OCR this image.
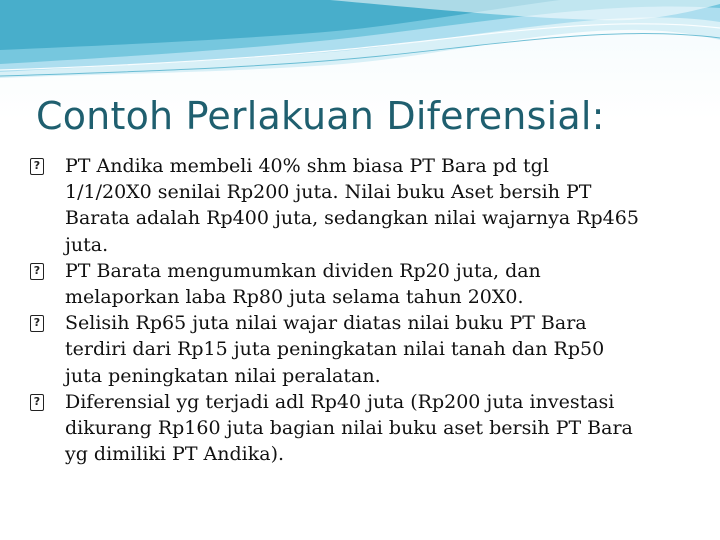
Contoh Perlakuan Diferensial:
?
PT Andika membeli 40% shm biasa PT Bara pd tgl
1/1/20X0 senilai Rp200 juta. Nilai buku Aset bersih PT
Barata adalah Rp400 juta, sedangkan nilai wajarnya Rp465
juta.
?
PT Barata mengumumkan dividen Rp20 juta, dan
melaporkan laba Rp80 juta selama tahun 20X0.
?
Selisih Rp65 juta nilai wajar diatas nilai buku PT Bara
terdiri dari Rp15 juta peningkatan nilai tanah dan Rp50
juta peningkatan nilai peralatan.
?
Diferensial yg terjadi adl Rp40 juta (Rp200 juta investasi
dikurang Rp160 juta bagian nilai buku aset bersih PT Bara
yg dimiliki PT Andika).
